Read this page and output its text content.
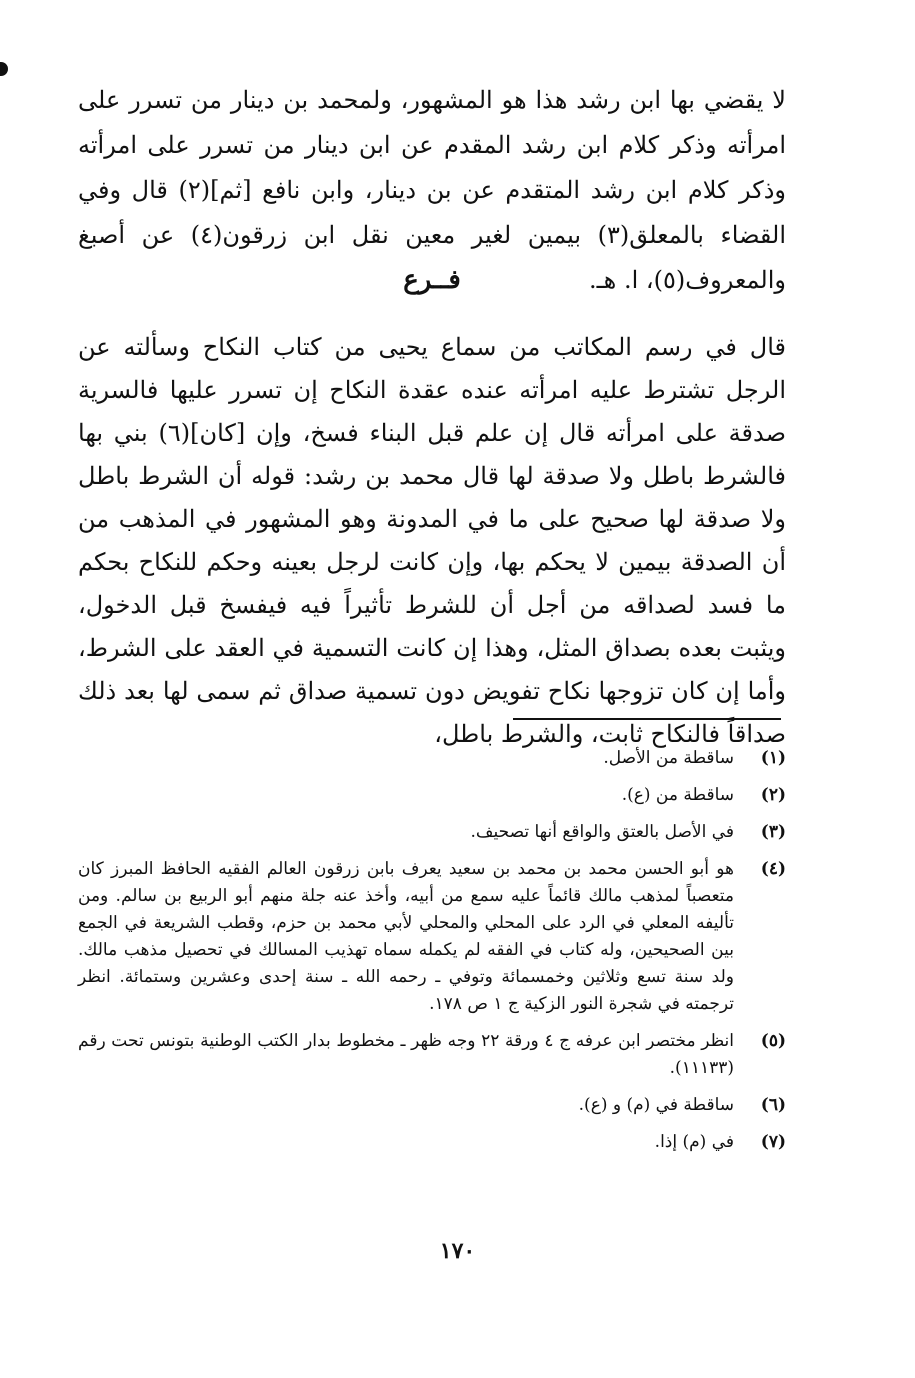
لا يقضي بها ابن رشد هذا هو المشهور، ولمحمد بن دينار من تسرر على امرأته وذكر كلام ابن رشد المقدم عن ابن دينار من تسرر على امرأته وذكر كلام ابن رشد المتقدم عن بن دينار، وابن نافع [ثم](٢) قال وفي القضاء بالمعلق(٣) بيمين لغير معين نقل ابن زرقون(٤) عن أصبغ والمعروف(٥)، ا. هـ.

فــرع

قال في رسم المكاتب من سماع يحيى من كتاب النكاح وسألته عن الرجل تشترط عليه امرأته عنده عقدة النكاح إن تسرر عليها فالسرية صدقة على امرأته قال إن علم قبل البناء فسخ، وإن [كان](٦) بني بها فالشرط باطل ولا صدقة لها قال محمد بن رشد: قوله أن الشرط باطل ولا صدقة لها صحيح على ما في المدونة وهو المشهور في المذهب من أن الصدقة بيمين لا يحكم بها، وإن كانت لرجل بعينه وحكم للنكاح بحكم ما فسد لصداقه من أجل أن للشرط تأثيراً فيه فيفسخ قبل الدخول، ويثبت بعده بصداق المثل، وهذا إن كانت التسمية في العقد على الشرط، وأما إن كان تزوجها نكاح تفويض دون تسمية صداق ثم سمى لها بعد ذلك صداقاً فالنكاح ثابت، والشرط باطل،

(١)
ساقطة من الأصل.
(٢)
ساقطة من (ع).
(٣)
في الأصل بالعتق والواقع أنها تصحيف.
(٤)
هو أبو الحسن محمد بن محمد بن سعيد يعرف بابن زرقون العالم الفقيه الحافظ المبرز كان متعصباً لمذهب مالك قائماً عليه سمع من أبيه، وأخذ عنه جلة منهم أبو الربيع بن سالم. ومن تأليفه المعلي في الرد على المحلي والمحلي لأبي محمد بن حزم، وقطب الشريعة في الجمع بين الصحيحين، وله كتاب في الفقه لم يكمله سماه تهذيب المسالك في تحصيل مذهب مالك. ولد سنة تسع وثلاثين وخمسمائة وتوفي ـ رحمه الله ـ سنة إحدى وعشرين وستمائة. انظر ترجمته في شجرة النور الزكية ج ١ ص ١٧٨.
(٥)
انظر مختصر ابن عرفه ج ٤ ورقة ٢٢ وجه ظهر ـ مخطوط بدار الكتب الوطنية بتونس تحت رقم (١١١٣٣).
(٦)
ساقطة في (م) و (ع).
(٧)
في (م) إذا.
١٧٠
